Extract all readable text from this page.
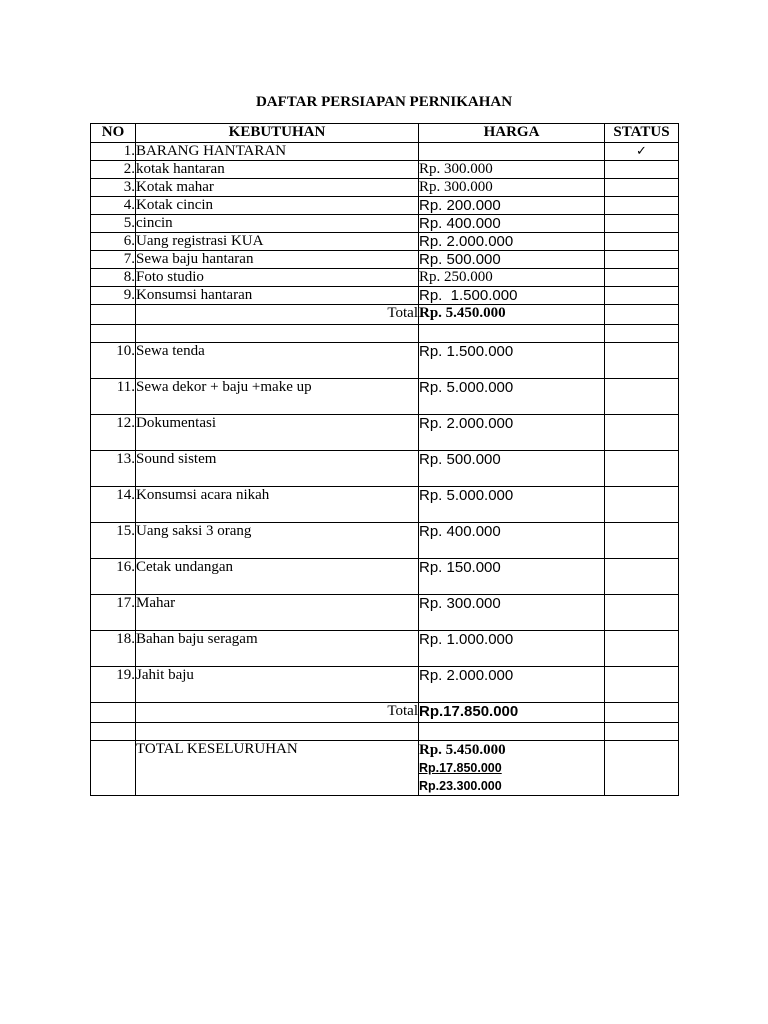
DAFTAR PERSIAPAN PERNIKAHAN
NO	KEBUTUHAN	HARGA	STATUS
1.	BARANG HANTARAN		✓
2.	kotak hantaran	Rp. 300.000	
3.	Kotak mahar	Rp. 300.000	
4.	Kotak cincin	Rp. 200.000	
5.	cincin	Rp. 400.000	
6.	Uang registrasi KUA	Rp. 2.000.000	
7.	Sewa baju hantaran	Rp. 500.000	
8.	Foto studio	Rp. 250.000	
9.	Konsumsi hantaran	Rp.  1.500.000	
	Total	Rp. 5.450.000	

10.	Sewa tenda	Rp. 1.500.000	
11.	Sewa dekor + baju +make up	Rp. 5.000.000	
12.	Dokumentasi	Rp. 2.000.000	
13.	Sound sistem	Rp. 500.000	
14.	Konsumsi acara nikah	Rp. 5.000.000	
15.	Uang saksi 3 orang	Rp. 400.000	
16.	Cetak undangan	Rp. 150.000	
17.	Mahar	Rp. 300.000	
18.	Bahan baju seragam	Rp. 1.000.000	
19.	Jahit baju	Rp. 2.000.000	
	Total	Rp.17.850.000	

	TOTAL KESELURUHAN	Rp. 5.450.000
Rp.17.850.000
Rp.23.300.000	
